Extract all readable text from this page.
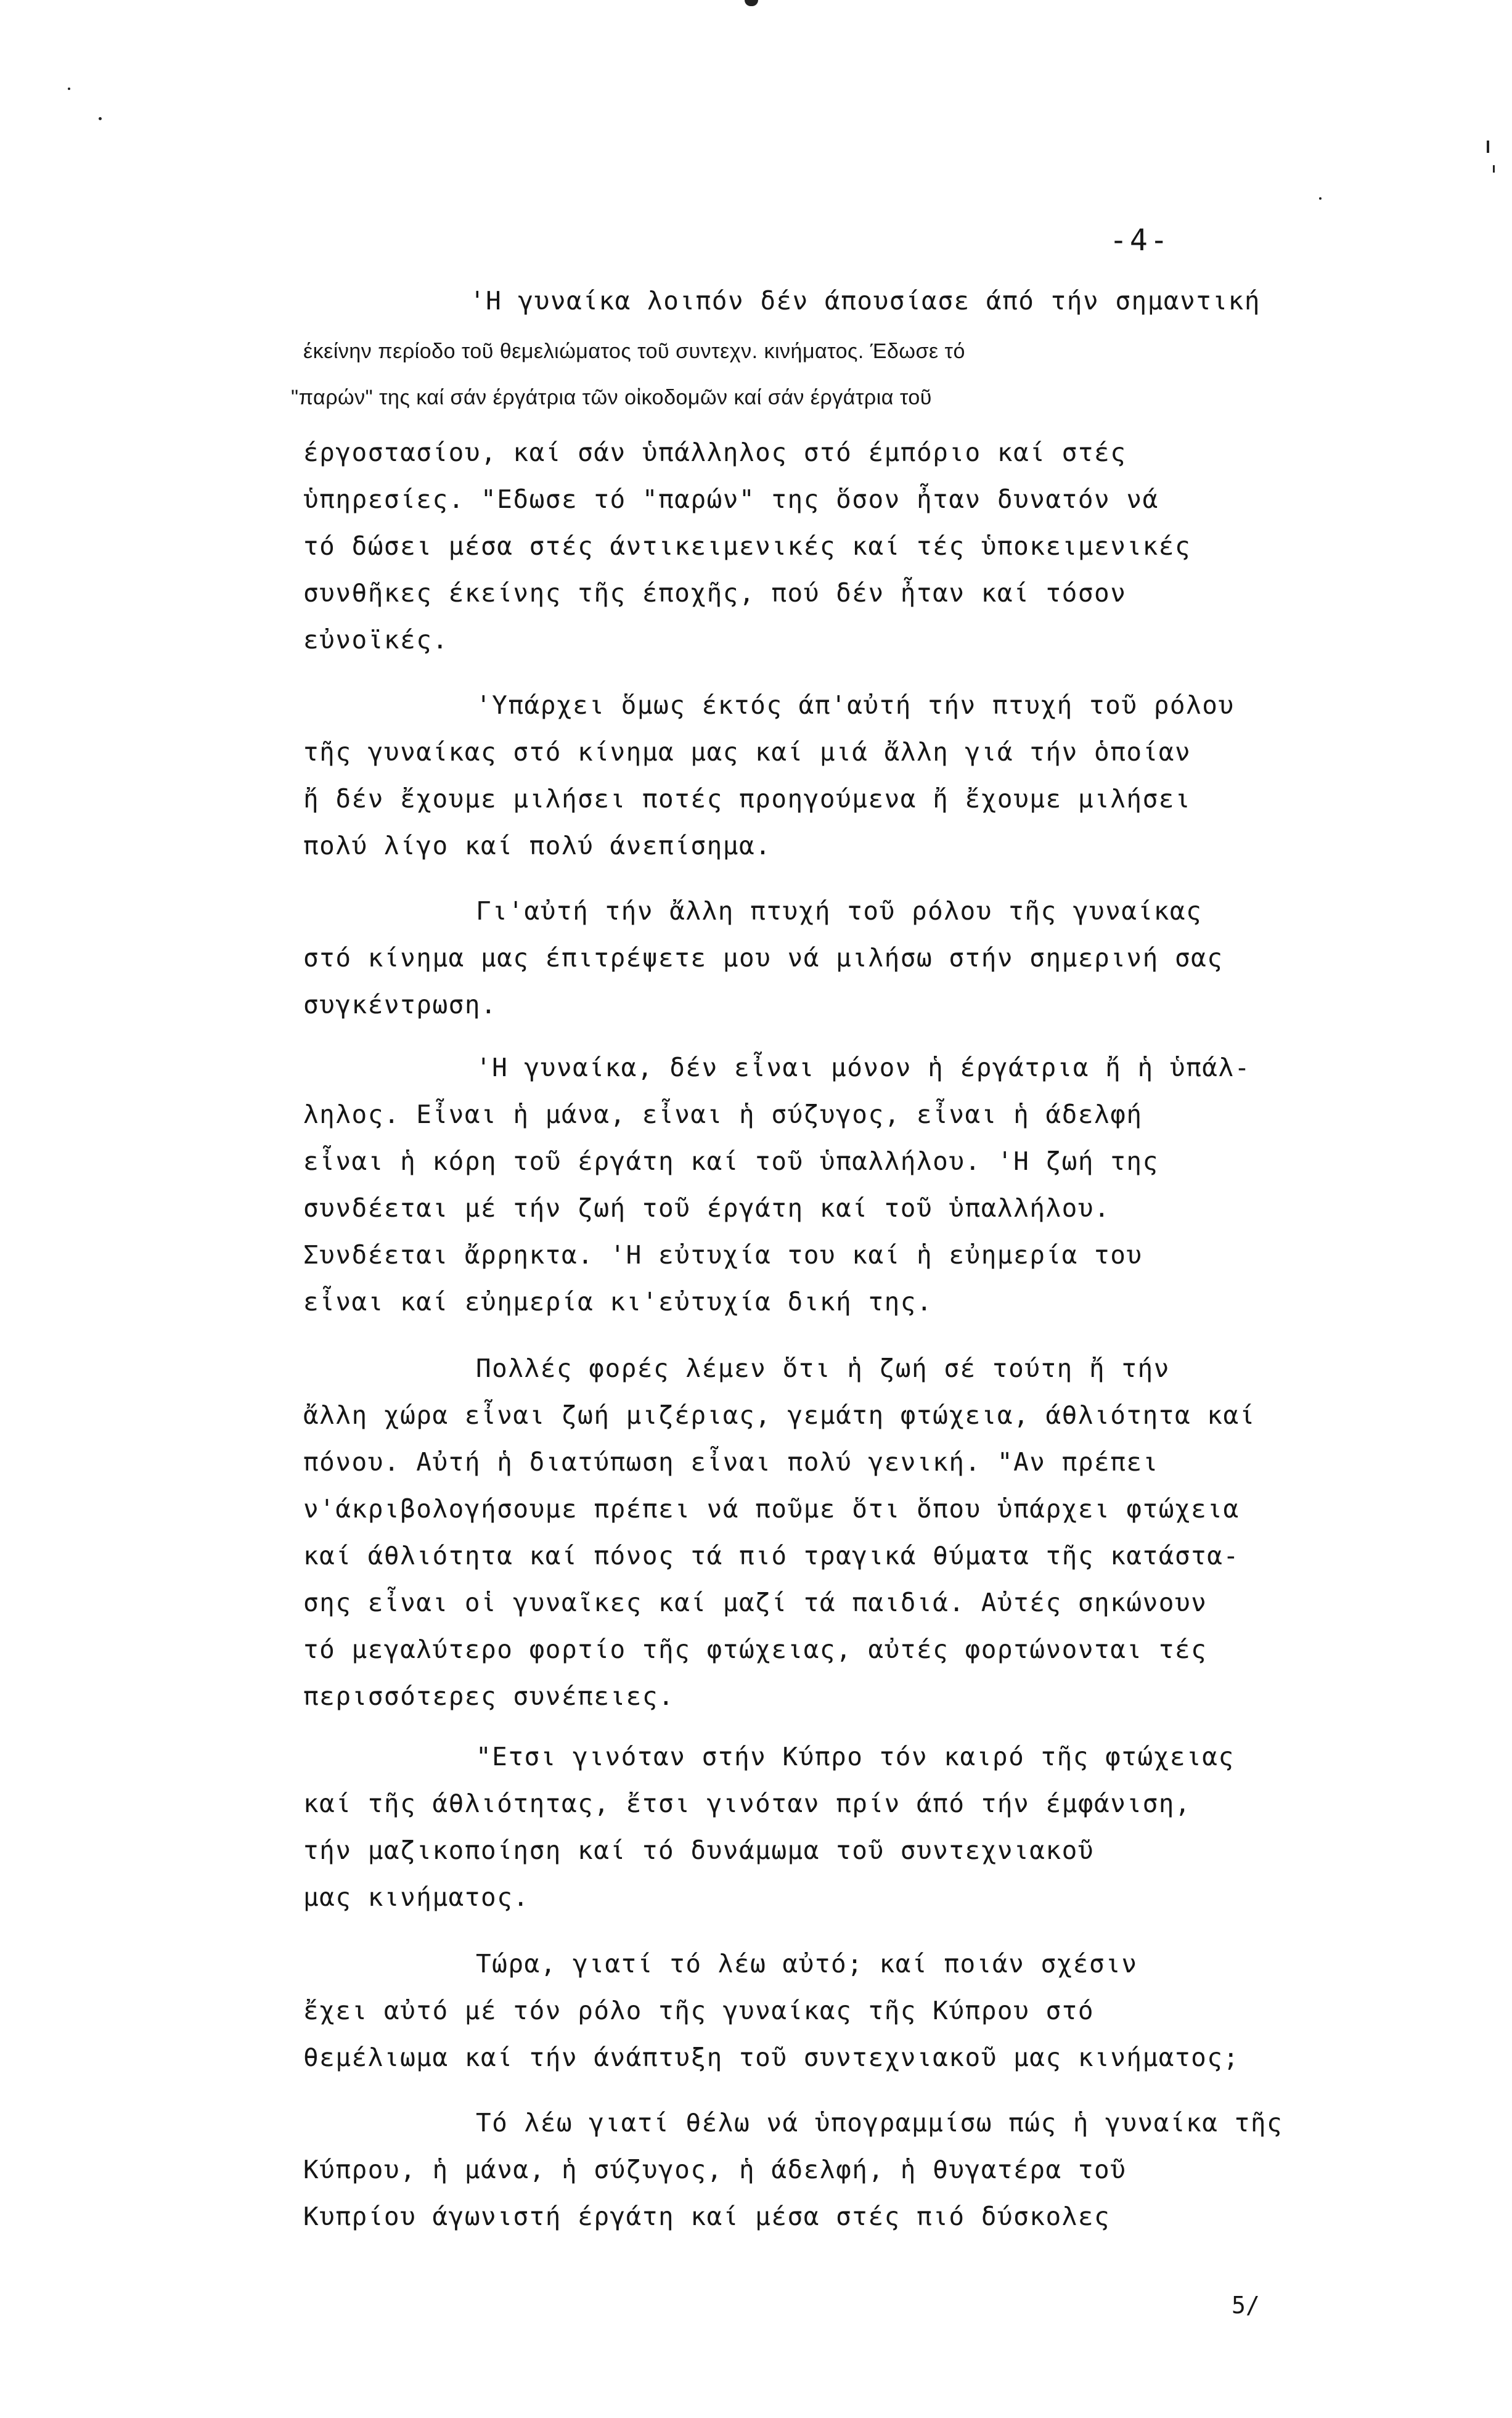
-4-
'Η γυναίκα λοιπόν δέν άπουσίασε άπό τήν σημαντική
έκείνην περίοδο τοῦ θεμελιώματος τοῦ συντεχν. κινήματος. Έδωσε τό
"παρών" της καί σάν έργάτρια τῶν οἰκοδομῶν καί σάν έργάτρια τοῦ
έργοστασίου, καί σάν ὑπάλληλος στό έμπόριο καί στές
ὑπηρεσίες. "Εδωσε τό "παρών" της ὅσον ἦταν δυνατόν νά
τό δώσει μέσα στές άντικειμενικές καί τές ὑποκειμενικές
συνθῆκες έκείνης τῆς έποχῆς, πού δέν ἦταν καί τόσον
εὐνοϊκές.
'Υπάρχει ὅμως έκτός άπ'αὐτή τήν πτυχή τοῦ ρόλου
τῆς γυναίκας στό κίνημα μας καί μιά ἄλλη γιά τήν ὁποίαν
ἤ δέν ἔχουμε μιλήσει ποτές προηγούμενα ἤ ἔχουμε μιλήσει
πολύ λίγο καί πολύ άνεπίσημα.
Γι'αὐτή τήν ἄλλη πτυχή τοῦ ρόλου τῆς γυναίκας
στό κίνημα μας έπιτρέψετε μου νά μιλήσω στήν σημερινή σας
συγκέντρωση.
'Η γυναίκα, δέν εἶναι μόνον ἡ έργάτρια ἤ ἡ ὑπάλ-
ληλος. Εἶναι ἡ μάνα, εἶναι ἡ σύζυγος, εἶναι ἡ άδελφή
εἶναι ἡ κόρη τοῦ έργάτη καί τοῦ ὑπαλλήλου. 'Η ζωή της
συνδέεται μέ τήν ζωή τοῦ έργάτη καί τοῦ ὑπαλλήλου.
Συνδέεται ἄρρηκτα. 'Η εὐτυχία του καί ἡ εὐημερία του
εἶναι καί εὐημερία κι'εὐτυχία δική της.
Πολλές φορές λέμεν ὅτι ἡ ζωή σέ τούτη ἤ τήν
ἄλλη χώρα εἶναι ζωή μιζέριας, γεμάτη φτώχεια, άθλιότητα καί
πόνου. Αὐτή ἡ διατύπωση εἶναι πολύ γενική. "Αν πρέπει
ν'άκριβολογήσουμε πρέπει νά ποῦμε ὅτι ὅπου ὑπάρχει φτώχεια
καί άθλιότητα καί πόνος τά πιό τραγικά θύματα τῆς κατάστα-
σης εἶναι οἱ γυναῖκες καί μαζί τά παιδιά. Αὐτές σηκώνουν
τό μεγαλύτερο φορτίο τῆς φτώχειας, αὐτές φορτώνονται τές
περισσότερες συνέπειες.
"Ετσι γινόταν στήν Κύπρο τόν καιρό τῆς φτώχειας
καί τῆς άθλιότητας, ἔτσι γινόταν πρίν άπό τήν έμφάνιση,
τήν μαζικοποίηση καί τό δυνάμωμα τοῦ συντεχνιακοῦ
μας κινήματος.
Τώρα, γιατί τό λέω αὐτό; καί ποιάν σχέσιν
ἔχει αὐτό μέ τόν ρόλο τῆς γυναίκας τῆς Κύπρου στό
θεμέλιωμα καί τήν άνάπτυξη τοῦ συντεχνιακοῦ μας κινήματος;
Τό λέω γιατί θέλω νά ὑπογραμμίσω πώς ἡ γυναίκα τῆς
Κύπρου, ἡ μάνα, ἡ σύζυγος, ἡ άδελφή, ἡ θυγατέρα τοῦ
Κυπρίου άγωνιστή έργάτη καί μέσα στές πιό δύσκολες
5/
